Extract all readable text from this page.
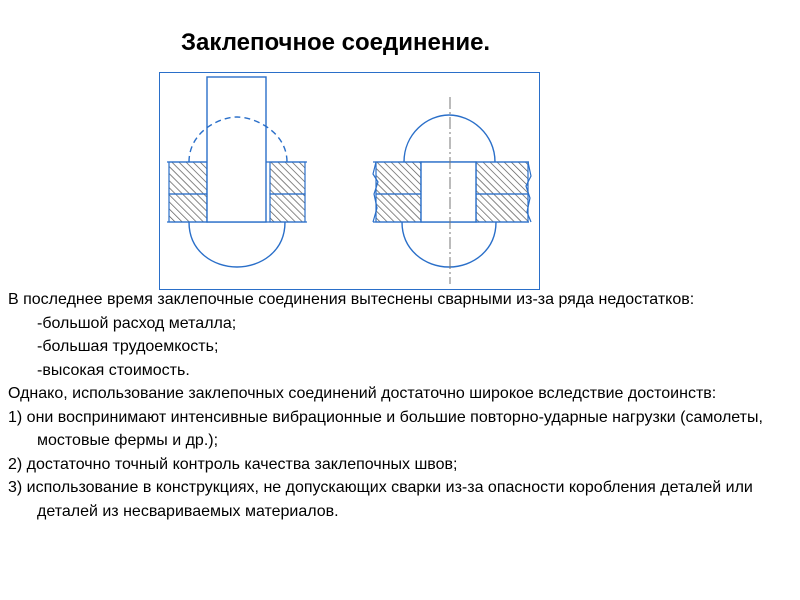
Заклепочное соединение.

В последнее время заклепочные соединения вытеснены сварными из-за ряда недостатков:

-большой расход металла;

-большая трудоемкость;

-высокая стоимость.

Однако, использование заклепочных соединений достаточно широкое вследствие достоинств:

1) они воспринимают интенсивные вибрационные и большие повторно-ударные нагрузки (самолеты, мостовые фермы и др.);

2) достаточно точный контроль качества заклепочных швов;

3) использование в конструкциях, не допускающих сварки из-за опасности коробления деталей или деталей из несвариваемых материалов.
